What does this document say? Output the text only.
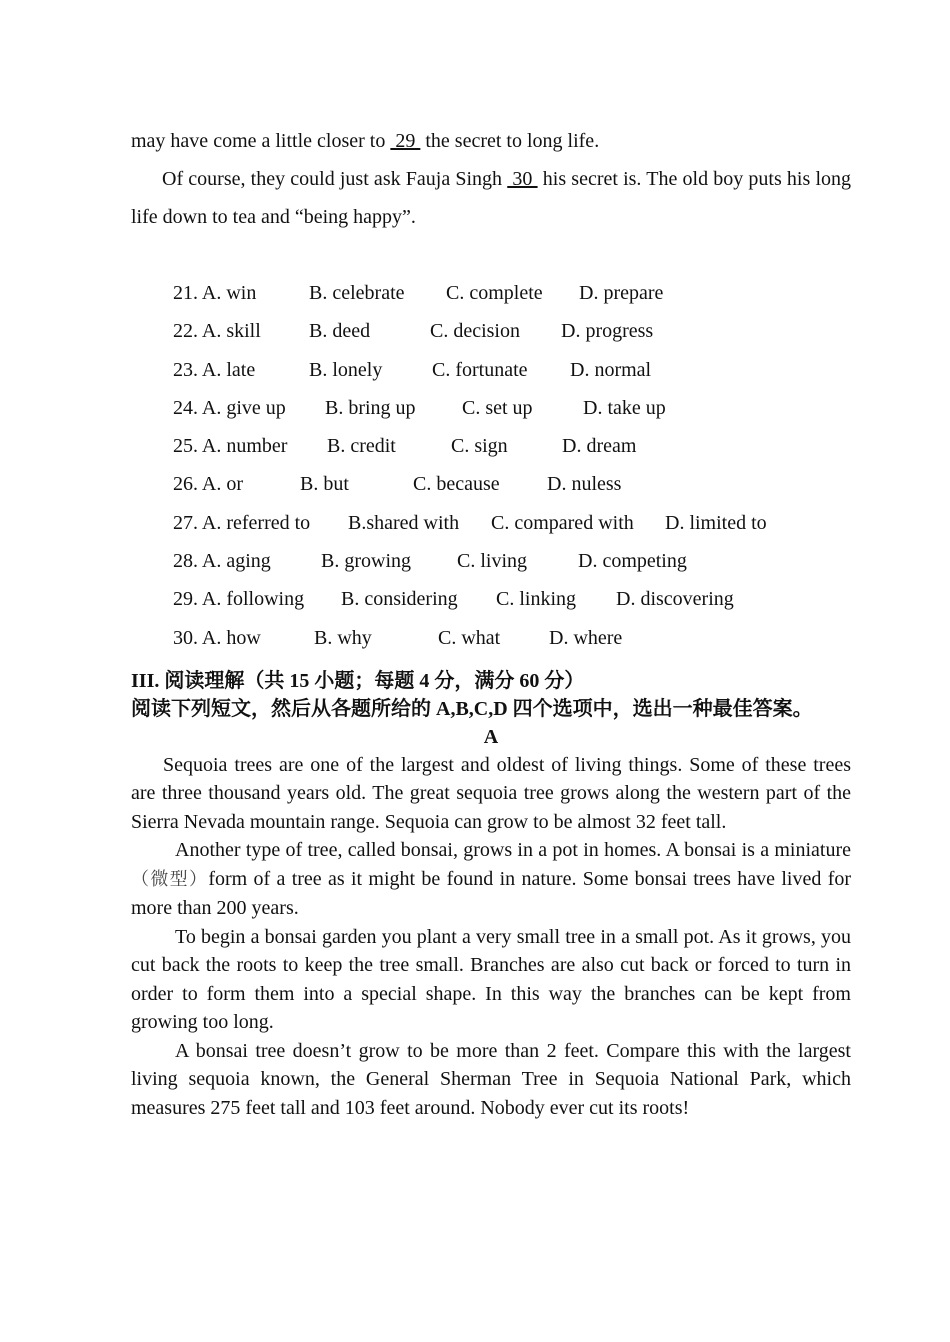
may have come a little closer to  29  the secret to long life.

Of course, they could just ask Fauja Singh  30  his secret is. The old boy puts his long life down to tea and “being happy”.

21. A. win	B. celebrate	C. complete	D. prepare
22. A. skill	B. deed	C. decision	D. progress
23. A. late	B. lonely	C. fortunate	D. normal
24. A. give up	B. bring up	C. set up	D. take up
25. A. number	B. credit	C. sign	D. dream
26. A. or	B. but	C. because	D. nuless
27. A. referred to	B.shared with	C. compared with	D. limited to
28. A. aging	B. growing	C. living	D. competing
29. A. following	B. considering	C. linking	D. discovering
30. A. how	B. why	C. what	D. where
III. 阅读理解（共 15 小题；每题 4 分，满分 60 分）
阅读下列短文，然后从各题所给的 A,B,C,D 四个选项中，选出一种最佳答案。
A

Sequoia trees are one of the largest and oldest of living things. Some of these trees are three thousand years old. The great sequoia tree grows along the western part of the Sierra Nevada mountain range. Sequoia can grow to be almost 32 feet tall.

Another type of tree, called bonsai, grows in a pot in homes. A bonsai is a miniature （微型）form of a tree as it might be found in nature. Some bonsai trees have lived for more than 200 years.

To begin a bonsai garden you plant a very small tree in a small pot. As it grows, you cut back the roots to keep the tree small. Branches are also cut back or forced to turn in order to form them into a special shape. In this way the branches can be kept from growing too long.

A bonsai tree doesn’t grow to be more than 2 feet. Compare this with the largest living sequoia known, the General Sherman Tree in Sequoia National Park, which measures 275 feet tall and 103 feet around. Nobody ever cut its roots!
